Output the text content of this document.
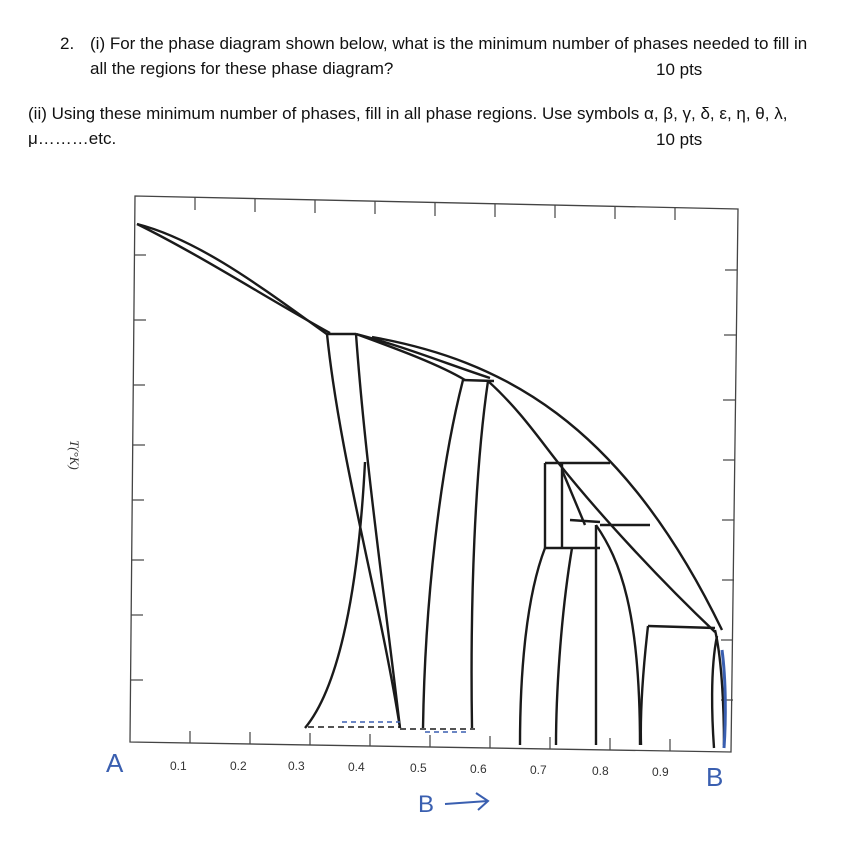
2. (i) For the phase diagram shown below, what is the minimum number of phases needed to fill in
all the regions for these phase diagram?	10 pts
(ii) Using these minimum number of phases, fill in all phase regions. Use symbols α, β, γ, δ, ε, η, θ, λ,
μ………etc.	10 pts
T(°K)
A	B
0.1	0.2	0.3	0.4	0.5	0.6	0.7	0.8	0.9
B
